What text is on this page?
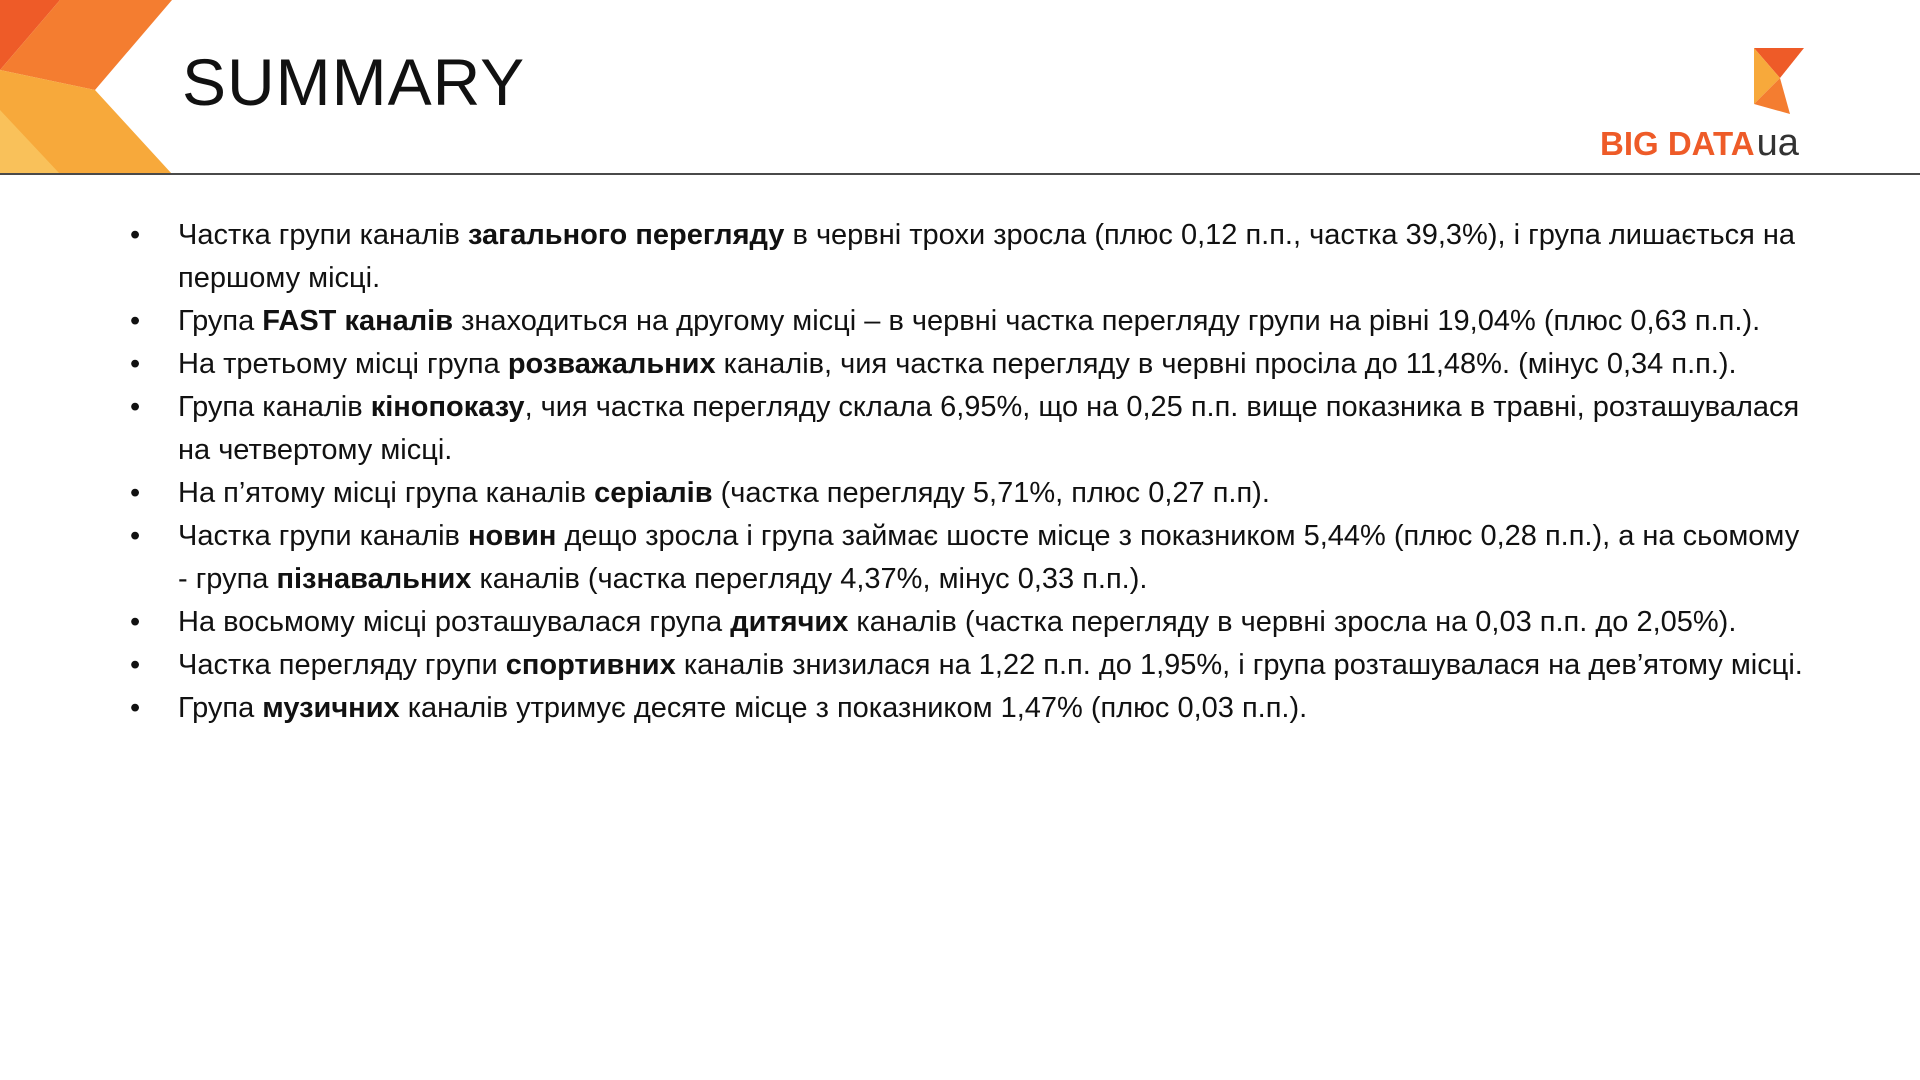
SUMMARY
BIG DATAua
• Частка групи каналів загального перегляду в червні трохи зросла (плюс 0,12 п.п., частка 39,3%), і група лишається на першому місці.
• Група FAST каналів знаходиться на другому місці – в червні частка перегляду групи на рівні 19,04% (плюс 0,63 п.п.).
• На третьому місці група розважальних каналів, чия частка перегляду в червні просіла до 11,48%. (мінус 0,34 п.п.).
• Група каналів кінопоказу, чия частка перегляду склала 6,95%, що на 0,25 п.п. вище показника в травні, розташувалася на четвертому місці.
• На п’ятому місці група каналів серіалів (частка перегляду 5,71%, плюс 0,27 п.п).
• Частка групи каналів новин дещо зросла і група займає шосте місце з показником 5,44% (плюс 0,28 п.п.), а на сьомому - група пізнавальних каналів (частка перегляду 4,37%, мінус 0,33 п.п.).
• На восьмому місці розташувалася група дитячих каналів (частка перегляду в червні зросла на 0,03 п.п. до 2,05%).
• Частка перегляду групи спортивних каналів знизилася на 1,22 п.п. до 1,95%, і група розташувалася на дев’ятому місці.
• Група музичних каналів утримує десяте місце з показником 1,47% (плюс 0,03 п.п.).
